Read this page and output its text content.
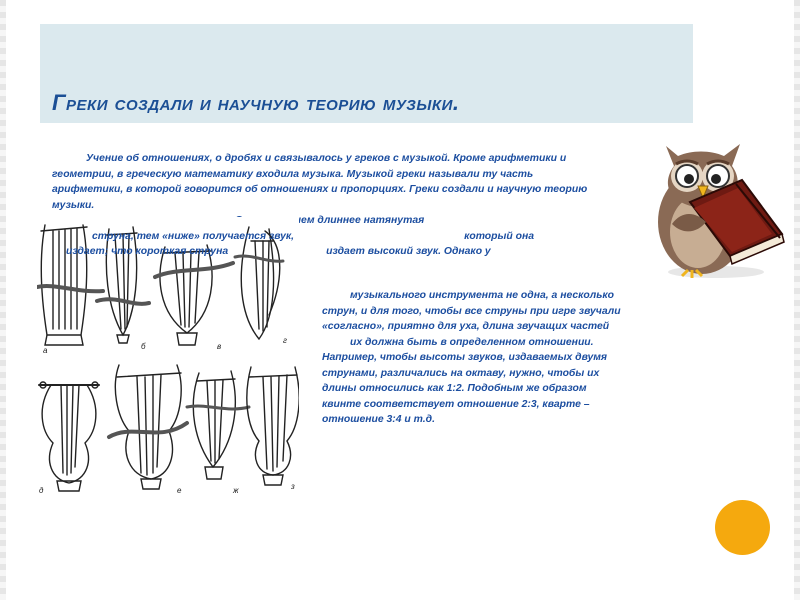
Греки создали и научную теорию музыки.

Учение об отношениях, о дробях и связывалось у греков с музыкой. Кроме арифметики и геометрии, в греческую математику входила музыка. Музыкой греки называли ту часть арифметики, в которой говорится об отношениях и пропорциях. Греки создали и научную теорию музыки.

Они знали: чем длиннее натянутая

струна, тем «ниже» получается звук,	который она

издает; что короткая струна	издает высокий звук. Однако у

музыкального инструмента не одна, а несколько
струн, и для того, чтобы все струны при игре звучали
«согласно», приятно для уха, длина звучащих частей
их должна быть в определенном отношении.
Например, чтобы высоты звуков, издаваемых двумя
струнами, различались на октаву, нужно, чтобы их
длины относились как 1:2. Подобным же образом
квинте соответствует отношение 2:3, кварте –
отношение 3:4 и т.д.
а	б	в
г
д	е	ж	з
